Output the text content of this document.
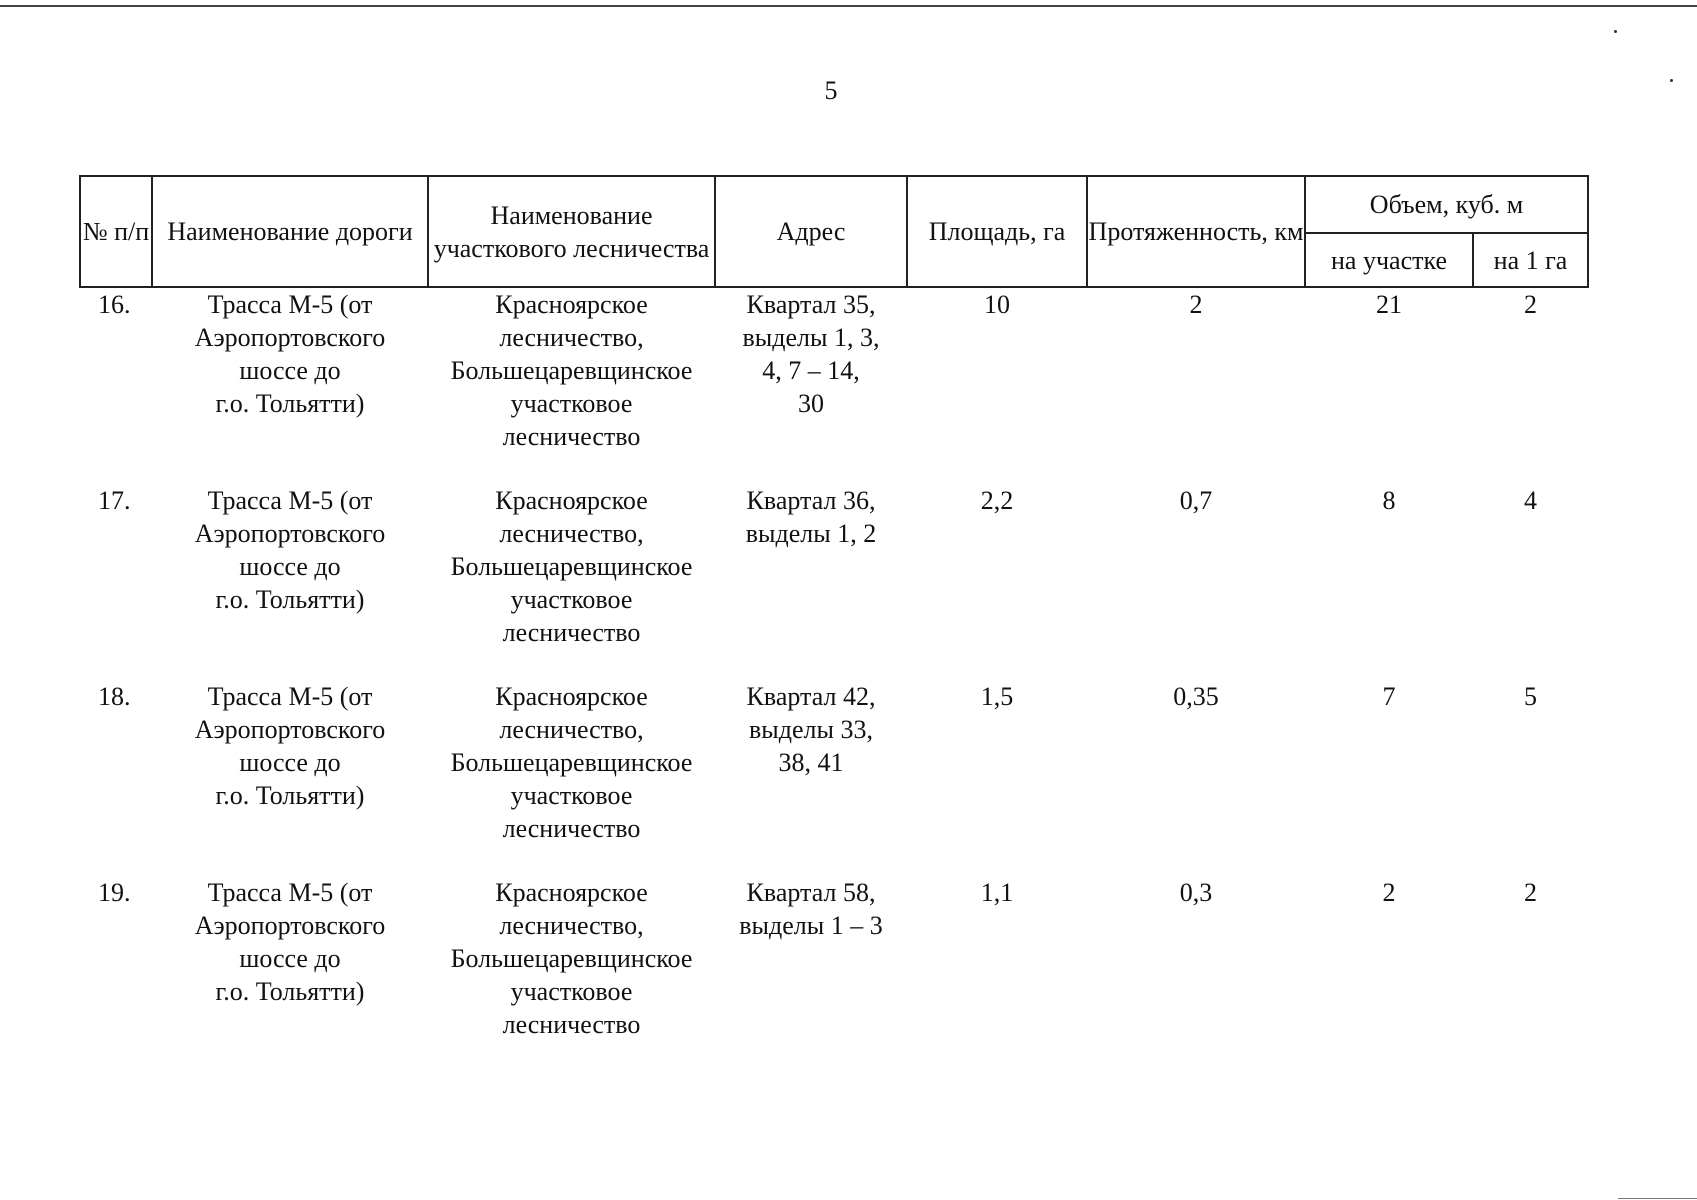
5
№ п/п	Наименование дороги	Наименование участкового лесничества	Адрес	Площадь, га	Протяженность, км	Объем, куб. м	
						на участке	на 1 га
16.	Трасса М-5 (от
Аэропортовского
шоссе до
г.о. Тольятти)	Красноярское
лесничество,
Большецаревщинское
участковое
лесничество	Квартал 35,
выделы 1, 3,
4, 7 – 14,
30	10	2	21	2
17.	Трасса М-5 (от
Аэропортовского
шоссе до
г.о. Тольятти)	Красноярское
лесничество,
Большецаревщинское
участковое
лесничество	Квартал 36,
выделы 1, 2	2,2	0,7	8	4
18.	Трасса М-5 (от
Аэропортовского
шоссе до
г.о. Тольятти)	Красноярское
лесничество,
Большецаревщинское
участковое
лесничество	Квартал 42,
выделы 33,
38, 41	1,5	0,35	7	5
19.	Трасса М-5 (от
Аэропортовского
шоссе до
г.о. Тольятти)	Красноярское
лесничество,
Большецаревщинское
участковое
лесничество	Квартал 58,
выделы 1 – 3	1,1	0,3	2	2
